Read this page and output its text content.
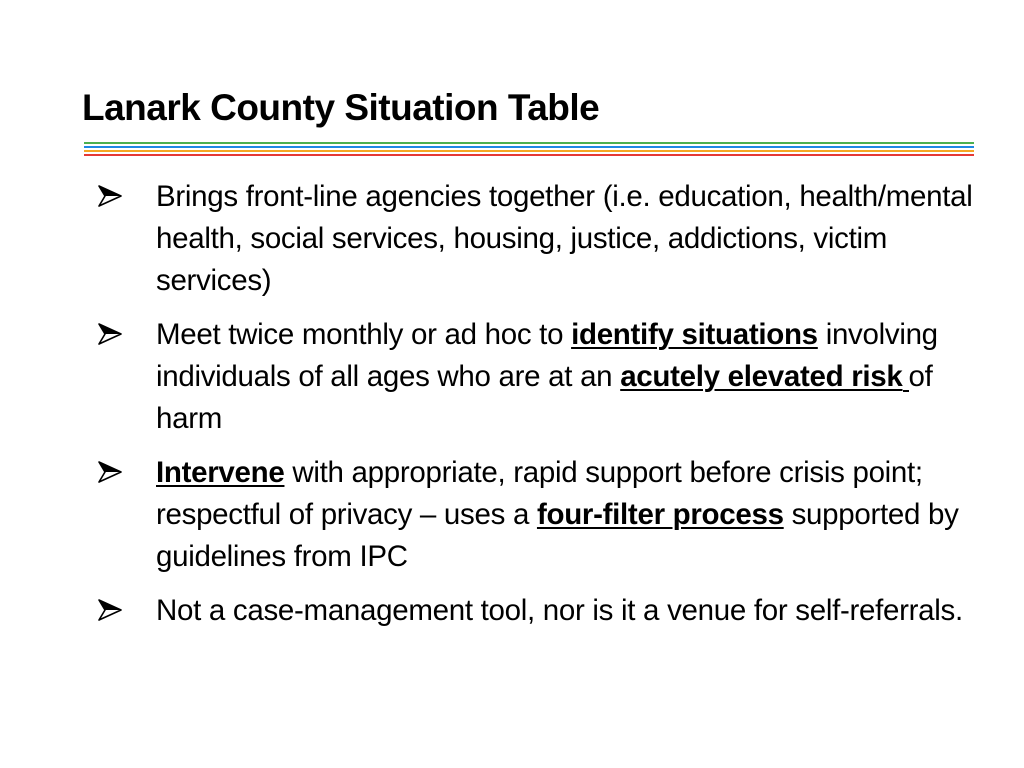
Lanark County Situation Table
Brings front-line agencies together (i.e. education, health/mental health, social services, housing, justice, addictions, victim services)
Meet twice monthly or ad hoc to identify situations involving individuals of all ages who are at an acutely elevated risk of harm
Intervene with appropriate, rapid support before crisis point; respectful of privacy – uses a four-filter process supported by guidelines from IPC
Not a case-management tool, nor is it a venue for self-referrals.
